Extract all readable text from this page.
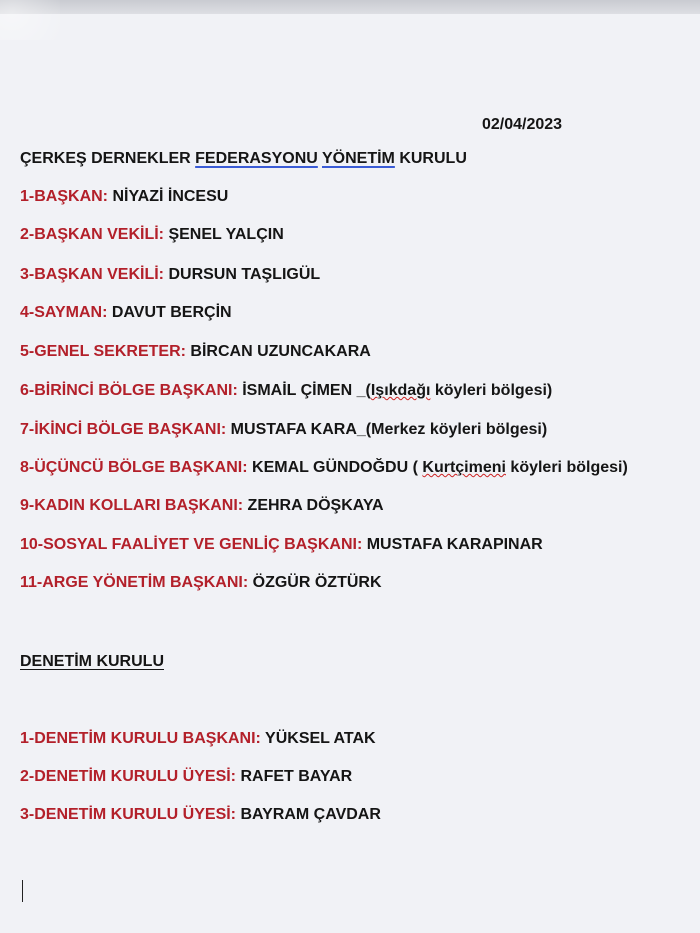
02/04/2023
ÇERKEŞ DERNEKLER FEDERASYONU YÖNETİM KURULU
1-BAŞKAN: NİYAZİ İNCESU
2-BAŞKAN VEKİLİ: ŞENEL YALÇIN
3-BAŞKAN VEKİLİ: DURSUN TAŞLIGÜL
4-SAYMAN: DAVUT BERÇİN
5-GENEL SEKRETER: BİRCAN UZUNCAKARA
6-BİRİNCİ BÖLGE BAŞKANI: İSMAİL ÇİMEN _(Işıkdağı köyleri bölgesi)
7-İKİNCİ BÖLGE BAŞKANI: MUSTAFA KARA_(Merkez köyleri bölgesi)
8-ÜÇÜNCÜ BÖLGE BAŞKANI: KEMAL GÜNDOĞDU ( Kurtçimeni köyleri bölgesi)
9-KADIN KOLLARI BAŞKANI: ZEHRA DÖŞKAYA
10-SOSYAL FAALİYET VE GENLİÇ BAŞKANI: MUSTAFA KARAPINAR
11-ARGE YÖNETİM BAŞKANI: ÖZGÜR ÖZTÜRK
DENETİM KURULU
1-DENETİM KURULU BAŞKANI: YÜKSEL ATAK
2-DENETİM KURULU ÜYESİ: RAFET BAYAR
3-DENETİM KURULU ÜYESİ: BAYRAM ÇAVDAR
